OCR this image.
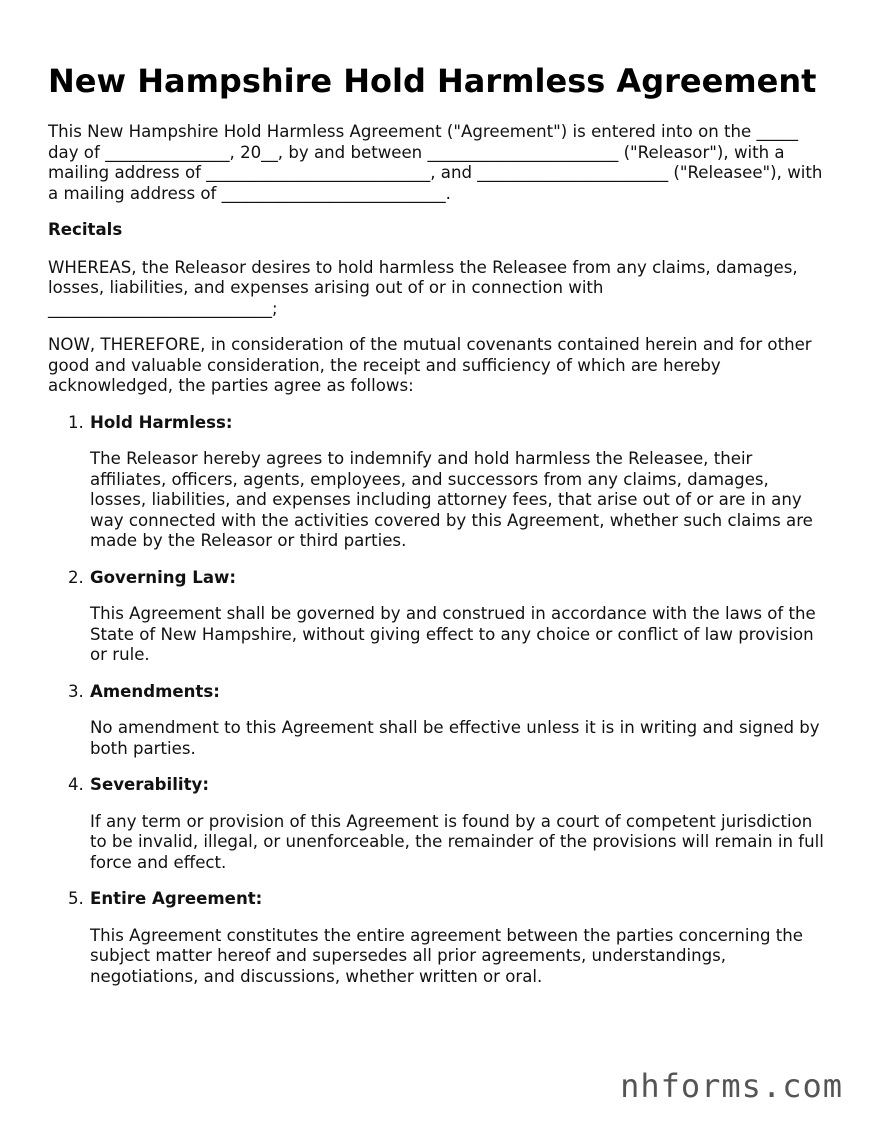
New Hampshire Hold Harmless Agreement

This New Hampshire Hold Harmless Agreement ("Agreement") is entered into on the _____ day of _______________, 20__, by and between _______________________ ("Releasor"), with a mailing address of ___________________________, and _______________________ ("Releasee"), with a mailing address of ___________________________.

Recitals

WHEREAS, the Releasor desires to hold harmless the Releasee from any claims, damages, losses, liabilities, and expenses arising out of or in connection with ___________________________;

NOW, THEREFORE, in consideration of the mutual covenants contained herein and for other good and valuable consideration, the receipt and sufficiency of which are hereby acknowledged, the parties agree as follows:

1. Hold Harmless:
The Releasor hereby agrees to indemnify and hold harmless the Releasee, their affiliates, officers, agents, employees, and successors from any claims, damages, losses, liabilities, and expenses including attorney fees, that arise out of or are in any way connected with the activities covered by this Agreement, whether such claims are made by the Releasor or third parties.
2. Governing Law:
This Agreement shall be governed by and construed in accordance with the laws of the State of New Hampshire, without giving effect to any choice or conflict of law provision or rule.
3. Amendments:
No amendment to this Agreement shall be effective unless it is in writing and signed by both parties.
4. Severability:
If any term or provision of this Agreement is found by a court of competent jurisdiction to be invalid, illegal, or unenforceable, the remainder of the provisions will remain in full force and effect.
5. Entire Agreement:
This Agreement constitutes the entire agreement between the parties concerning the subject matter hereof and supersedes all prior agreements, understandings, negotiations, and discussions, whether written or oral.
nhforms.com
